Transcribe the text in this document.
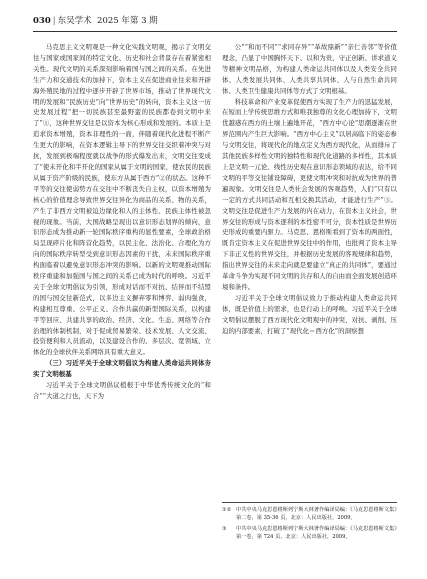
030 | 东吴学术 2025 年第 3 期

马克思主义文明观是一种文化实践文明观，揭示了文明交往与国家或国家间的特定文化、历史和社会背景存在着紧密相关性。现代文明的关系深刻影响着国与国之间的关系。在先进生产力和交通技术的加持下，资本主义在促进商业往来和开辟海外殖民地的过程中逐步开辟了世界市场，推动了世界现代文明的发展和“民族历史”向“世界历史”的转向，资本主义这一历史发展过程“把一切民族甚至最野蛮的民族都卷到文明中来了”①，这种世界交往是以资本为核心形成和发展的。本质上是追求资本增殖，资本非理性的一面，伴随着现代化进程不断产生更大的影响，在资本逻辑主导下的世界交往交织着冲突与对抗，发展到极端程度就以战争的形式爆发出来，文明交往变成了“使未开化和半开化的国家从属于文明的国家，使农民的民族从属于资产阶级的民族，使东方从属于西方”②的状态。这种不平等的交往使弱势方在交往中不断丧失自主权，以资本增殖为核心的价值理念导致世界交往异化为商品的关系、物的关系，产生了非西方文明被迫边缘化和人的主体性、民族主体性被忽视的现象。当前，大国战略呈现出以意识形态划界的倾向，意识形态成为推动新一轮国际秩序重构的显性要素，全球政治格局呈现碎片化和阵营化趋势，以民主化、法治化、合理化为方向的国际秩序转型受到意识形态因素的干扰，未来国际秩序重构面临着以避免意识形态冲突的影响。以新的文明观推动国际秩序重建和加强国与国之间的关系已成为时代的呼唤。习近平关于全球文明倡议为引领，形成对话而不对抗、结伴而不结盟的国与国交往新范式，以多边主义摒弃零和博弈、弱肉强食，构建相互尊重、公平正义、合作共赢的新型国际关系，以构建平等回应、共建共享的政治、经济、文化、生态、网络等合作治理的体制机制，对于促成贸易繁荣、技术发展、人文交流、投资便利和人员流动，以及建设合作的、多层次、宽领域、立体化的全球伙伴关系网络具有重大意义。

（三）习近平关于全球文明倡议为构建人类命运共同体夯实了文明根基

习近平关于全球文明倡议植根于中华优秀传统文化的“和合”“大道之行也，天下为

公”“和而不同”“求同存异”“革故鼎新”“亲仁善邻”等价值理念，凸显了中国胸怀天下、以和为贵、守正创新、讲求道义等精神文明品格，为构建人类命运共同体以及人类安全共同体、人类发展共同体、人类共享共同体、人与自然生命共同体、人类卫生健康共同体等方式了文明根基。

科技革命和产业变革促使西方实现了生产力的迅猛发展，在短而上学传统思维方式和唯我独尊的文化心理加持下，文明优越感在西方的土壤上遍地开花，“西方中心论”思潮逐渐在世界范围内产生巨大影响。“西方中心主义”以居高临下的姿态参与文明交往，将现代化的地点定义为西方现代化，从而排斥了其他民族多样性文明的独特性和现代化道路的多样性，其本质上是文明一元论、线性历史观在意识形态领域的表达，给不同文明的平等交往铺设障碍，更使文明冲突和对抗成为世界的普遍现象。文明交往是人类社会发展的客观趋势，人们“只有以一定的方式共同活动和互相交换其活动，才能进行生产”③。文明交往是促进生产力发展的内在动力，在资本主义社会，世界交往的形成与资本逐利的本性密不可分，资本性质是世界历史形成的重要内驱力。马克思、恩格斯看到了资本的两面性，既肯定资本主义在促进世界交往中的作用，也批判了资本主导下非正义性的世界交往，并根据历史发展的客观规律和趋势，指出世界交往的未来走向就是要建立“真正的共同体”，要通过革命斗争为实现不同文明的共存和人的自由而全面发展创造环境和条件。

习近平关于全球文明倡议致力于推动构建人类命运共同体，既是价值上的需求，也是行动上的呼唤。习近平关于全球文明倡议摆脱了西方现代化文明观中的冲突、对抗、剥削、压迫的内部要素，打破了“现代化＝西方化”的洞察想

①② 中共中央马克思恩格斯列宁斯大林著作编译局编：《马克思恩格斯文集》第二卷，第 35-36 页，北京：人民出版社，2009。
③	中共中央马克思恩格斯列宁斯大林著作编译局编：《马克思恩格斯文集》第一卷，第 724 页，北京：人民出版社，2009。
